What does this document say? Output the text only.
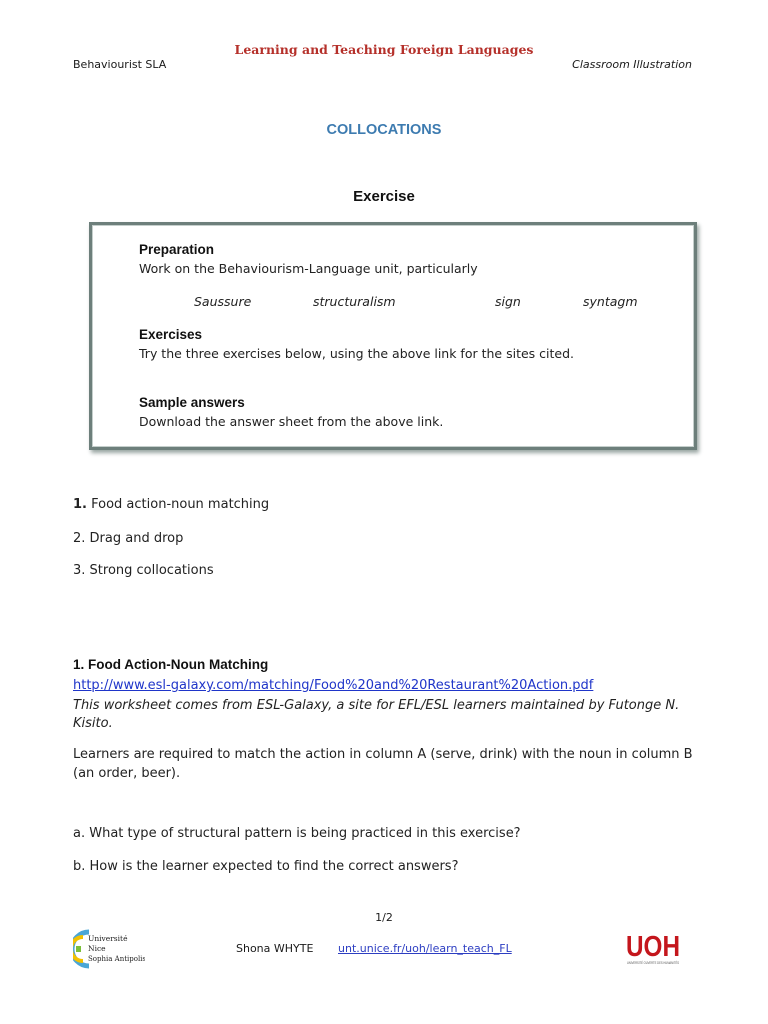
Learning and Teaching Foreign Languages
Behaviourist SLA	Classroom Illustration
COLLOCATIONS
Exercise
Preparation
Work on the Behaviourism-Language unit, particularly
Saussure	structuralism	sign	syntagm
Exercises
Try the three exercises below, using the above link for the sites cited.
Sample answers
Download the answer sheet from the above link.
1. Food action-noun matching
2. Drag and drop
3. Strong collocations
1. Food Action-Noun Matching
http://www.esl-galaxy.com/matching/Food%20and%20Restaurant%20Action.pdf
This worksheet comes from ESL-Galaxy, a site for EFL/ESL learners maintained by Futonge N. Kisito.
Learners are required to match the action in column A (serve, drink) with the noun in column B (an order, beer).
a. What type of structural pattern is being practiced in this exercise?
b. How is the learner expected to find the correct answers?
1/2
Shona WHYTE unt.unice.fr/uoh/learn_teach_FL
Université
Nice
Sophia Antipolis	UOH
UNIVERSITÉ OUVERTE DES HUM
